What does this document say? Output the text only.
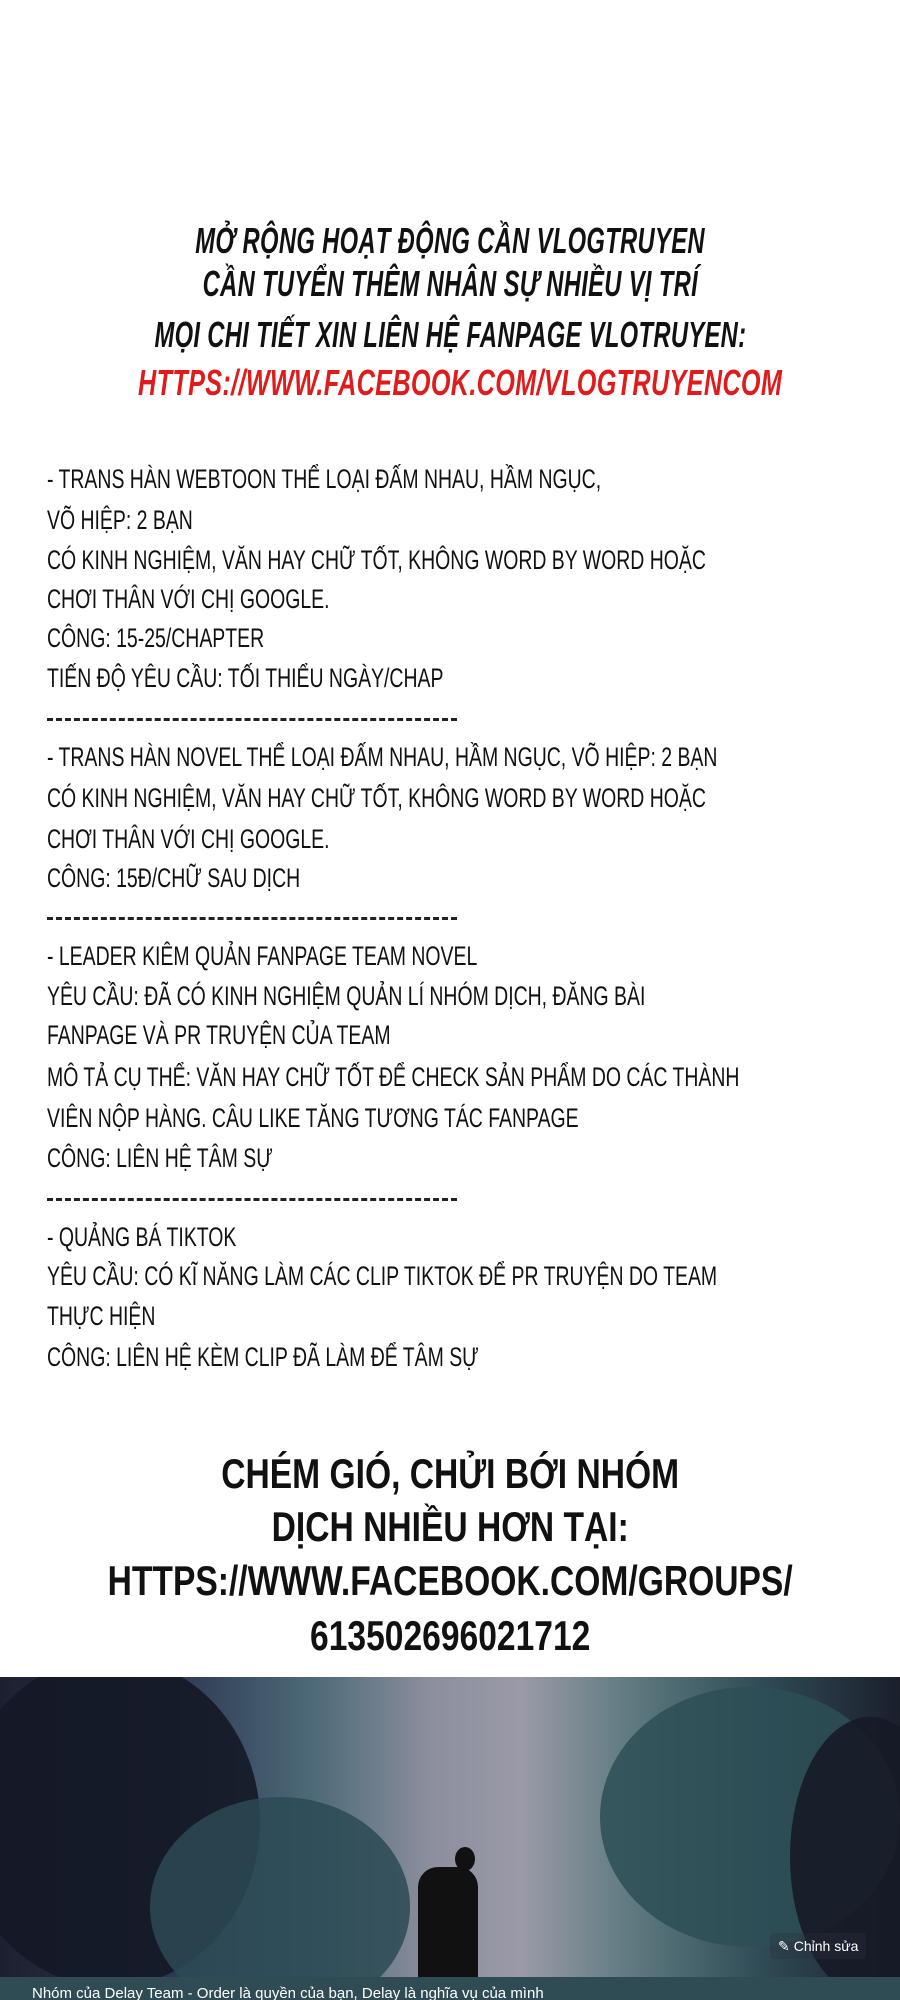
MỞ RỘNG HOẠT ĐỘNG CẦN VLOGTRUYEN
CẦN TUYỂN THÊM NHÂN SỰ NHIỀU VỊ TRÍ
MỌI CHI TIẾT XIN LIÊN HỆ FANPAGE VLOTRUYEN:
HTTPS://WWW.FACEBOOK.COM/VLOGTRUYENCOM
- TRANS HÀN WEBTOON THỂ LOẠI ĐẤM NHAU, HẦM NGỤC,
VÕ HIỆP: 2 BẠN
CÓ KINH NGHIỆM, VĂN HAY CHỮ TỐT, KHÔNG WORD BY WORD HOẶC
CHƠI THÂN VỚI CHỊ GOOGLE.
CÔNG: 15-25/CHAPTER
TIẾN ĐỘ YÊU CẦU: TỐI THIỂU NGÀY/CHAP
- TRANS HÀN NOVEL THỂ LOẠI ĐẤM NHAU, HẦM NGỤC, VÕ HIỆP: 2 BẠN
CÓ KINH NGHIỆM, VĂN HAY CHỮ TỐT, KHÔNG WORD BY WORD HOẶC
CHƠI THÂN VỚI CHỊ GOOGLE.
CÔNG: 15Đ/CHỮ SAU DỊCH
- LEADER KIÊM QUẢN FANPAGE TEAM NOVEL
YÊU CẦU: ĐÃ CÓ KINH NGHIỆM QUẢN LÍ NHÓM DỊCH, ĐĂNG BÀI
FANPAGE VÀ PR TRUYỆN CỦA TEAM
MÔ TẢ CỤ THỂ: VĂN HAY CHỮ TỐT ĐỂ CHECK SẢN PHẨM DO CÁC THÀNH
VIÊN NỘP HÀNG. CÂU LIKE TĂNG TƯƠNG TÁC FANPAGE
CÔNG: LIÊN HỆ TÂM SỰ
- QUẢNG BÁ TIKTOK
YÊU CẦU: CÓ KĨ NĂNG LÀM CÁC CLIP TIKTOK ĐỂ PR TRUYỆN DO TEAM
THỰC HIỆN
CÔNG: LIÊN HỆ KÈM CLIP ĐÃ LÀM ĐỂ TÂM SỰ
CHÉM GIÓ, CHỬI BỚI NHÓM
DỊCH NHIỀU HƠN TẠI:
HTTPS://WWW.FACEBOOK.COM/GROUPS/
613502696021712
✎ Chỉnh sửa
Nhóm của Delay Team - Order là quyền của bạn, Delay là nghĩa vụ của mình
